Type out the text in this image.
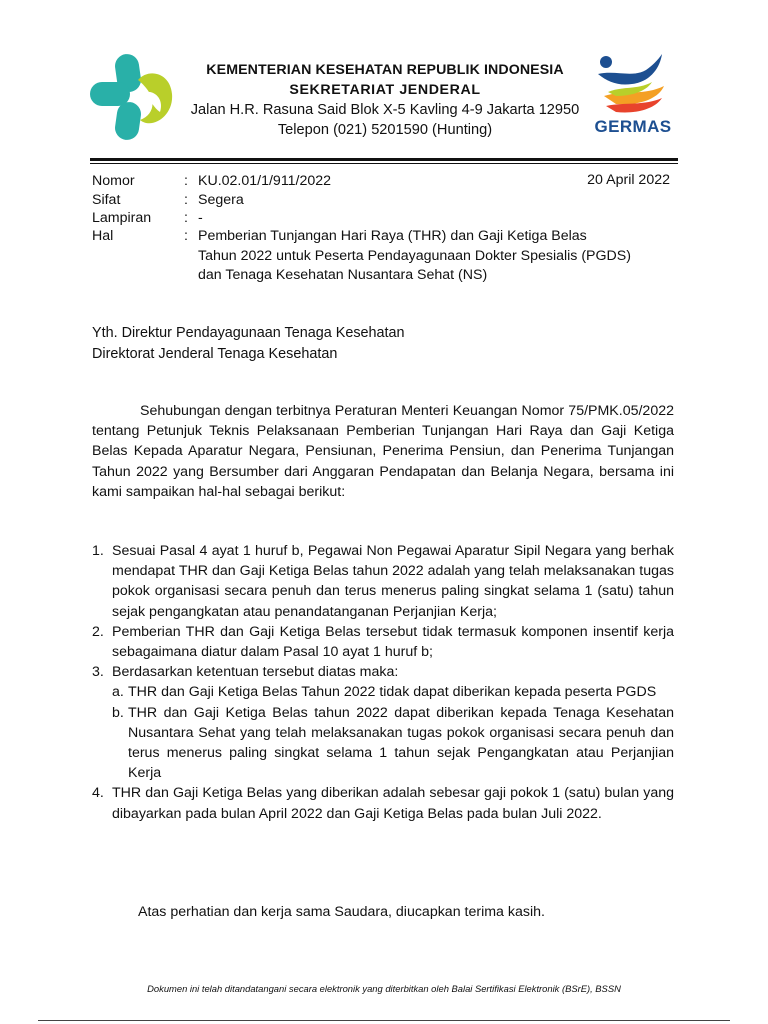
KEMENTERIAN KESEHATAN REPUBLIK INDONESIA
SEKRETARIAT JENDERAL
Jalan H.R. Rasuna Said Blok X-5 Kavling 4-9 Jakarta 12950
Telepon (021) 5201590 (Hunting)	GERMAS
Nomor	: KU.02.01/1/911/2022	20 April 2022
Sifat	: Segera
Lampiran : -
Hal	: Pemberian Tunjangan Hari Raya (THR) dan Gaji Ketiga Belas
Tahun 2022 untuk Peserta Pendayagunaan Dokter Spesialis (PGDS)
dan Tenaga Kesehatan Nusantara Sehat (NS)
Yth. Direktur Pendayagunaan Tenaga Kesehatan
Direktorat Jenderal Tenaga Kesehatan
Sehubungan dengan terbitnya Peraturan Menteri Keuangan Nomor 75/PMK.05/2022 tentang Petunjuk Teknis Pelaksanaan Pemberian Tunjangan Hari Raya dan Gaji Ketiga Belas Kepada Aparatur Negara, Pensiunan, Penerima Pensiun, dan Penerima Tunjangan Tahun 2022 yang Bersumber dari Anggaran Pendapatan dan Belanja Negara, bersama ini kami sampaikan hal-hal sebagai berikut:
1. Sesuai Pasal 4 ayat 1 huruf b, Pegawai Non Pegawai Aparatur Sipil Negara yang berhak mendapat THR dan Gaji Ketiga Belas tahun 2022 adalah yang telah melaksanakan tugas pokok organisasi secara penuh dan terus menerus paling singkat selama 1 (satu) tahun sejak pengangkatan atau penandatanganan Perjanjian Kerja;
2. Pemberian THR dan Gaji Ketiga Belas tersebut tidak termasuk komponen insentif kerja sebagaimana diatur dalam Pasal 10 ayat 1 huruf b;
3. Berdasarkan ketentuan tersebut diatas maka:
a. THR dan Gaji Ketiga Belas Tahun 2022 tidak dapat diberikan kepada peserta PGDS
b. THR dan Gaji Ketiga Belas tahun 2022 dapat diberikan kepada Tenaga Kesehatan Nusantara Sehat yang telah melaksanakan tugas pokok organisasi secara penuh dan terus menerus paling singkat selama 1 tahun sejak Pengangkatan atau Perjanjian Kerja
4. THR dan Gaji Ketiga Belas yang diberikan adalah sebesar gaji pokok 1 (satu) bulan yang dibayarkan pada bulan April 2022 dan Gaji Ketiga Belas pada bulan Juli 2022.
Atas perhatian dan kerja sama Saudara, diucapkan terima kasih.
Dokumen ini telah ditandatangani secara elektronik yang diterbitkan oleh Balai Sertifikasi Elektronik (BSrE), BSSN
